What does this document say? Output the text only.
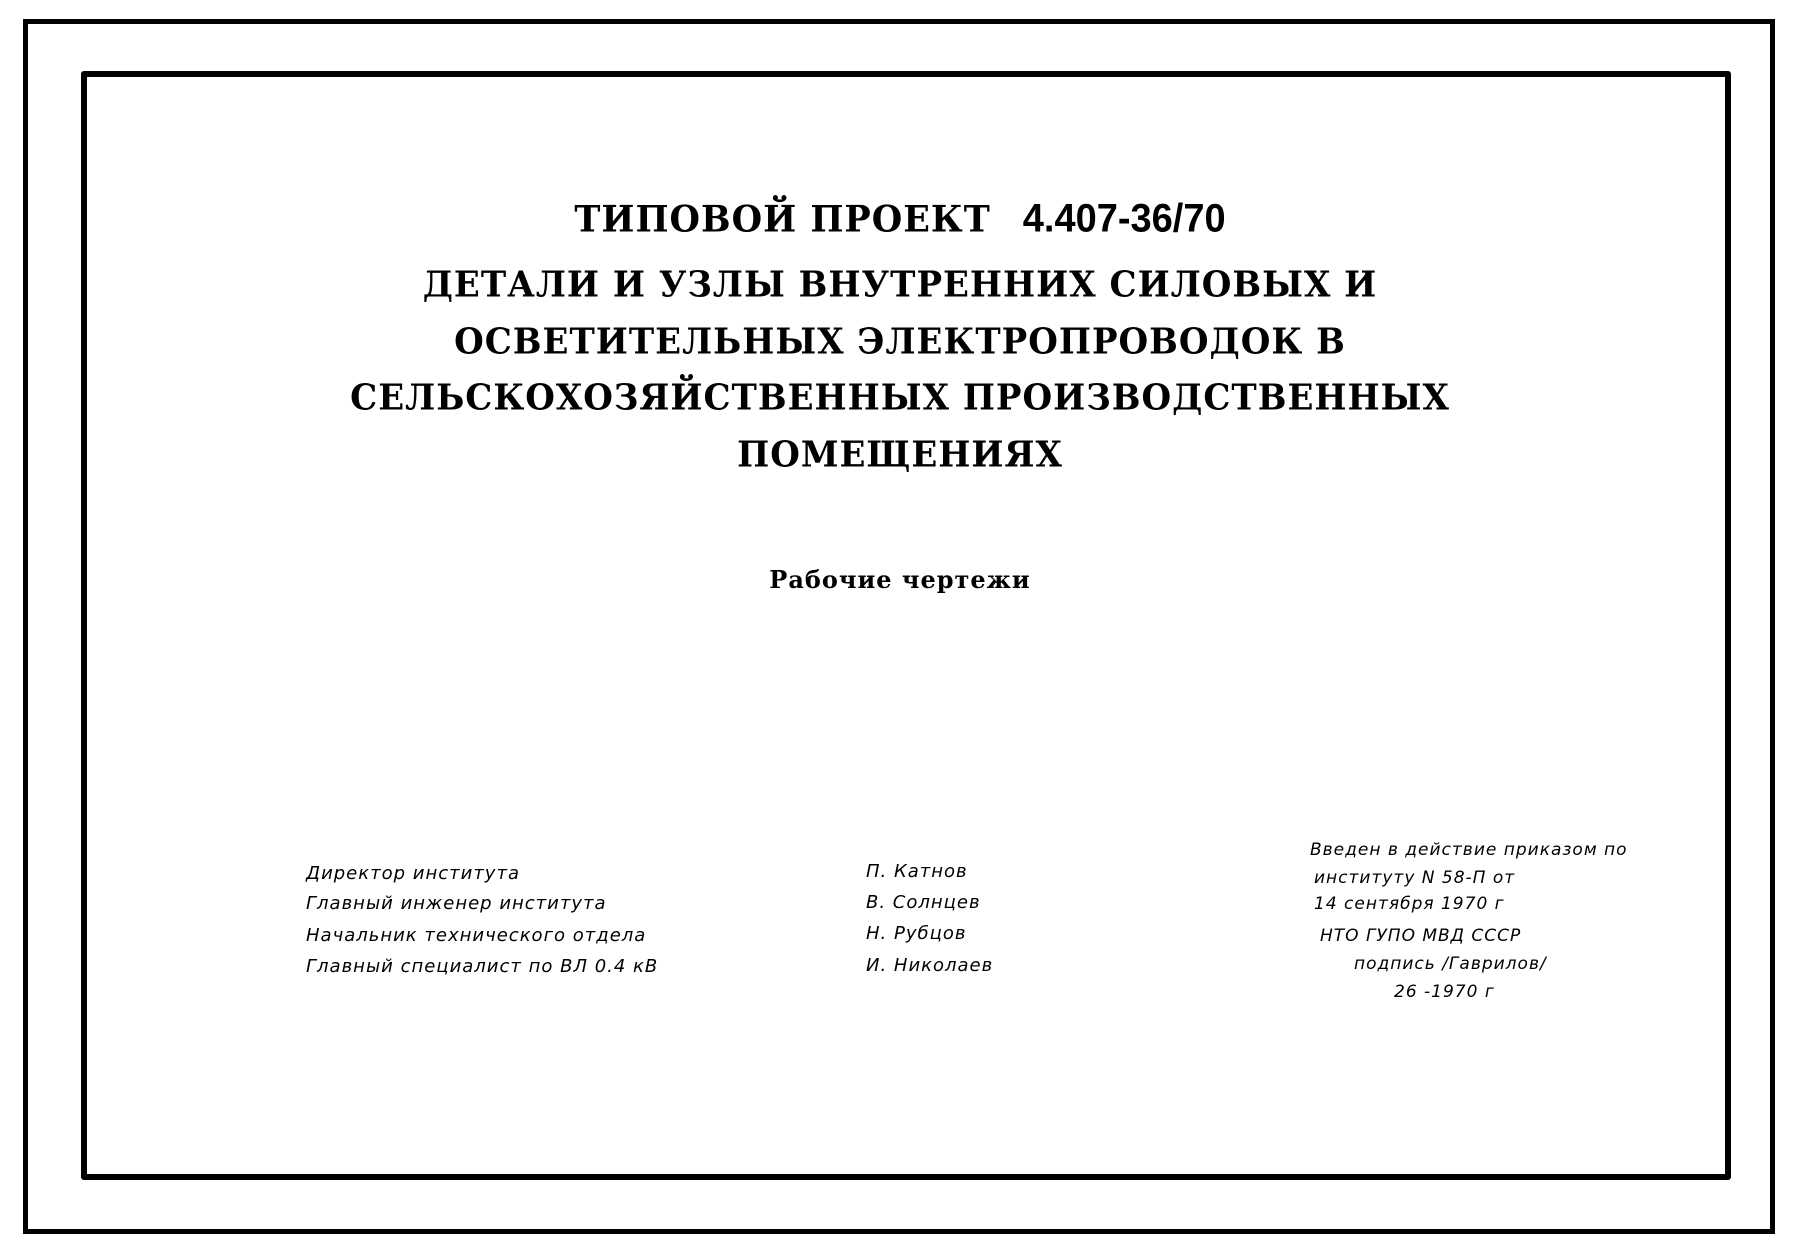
ТИПОВОЙ ПРОЕКТ 4.407-36/70
ДЕТАЛИ И УЗЛЫ ВНУТРЕННИХ СИЛОВЫХ И
ОСВЕТИТЕЛЬНЫХ ЭЛЕКТРОПРОВОДОК В
СЕЛЬСКОХОЗЯЙСТВЕННЫХ ПРОИЗВОДСТВЕННЫХ
ПОМЕЩЕНИЯХ
Рабочие чертежи
Директор института
Главный инженер института
Начальник технического отдела
Главный специалист по ВЛ 0.4 кВ
П. Катнов
В. Солнцев
Н. Рубцов
И. Николаев
Введен в действие приказом по
институту N 58-П от
14 сентября 1970 г
НТО ГУПО МВД СССР
подпись /Гаврилов/
26 -1970 г
